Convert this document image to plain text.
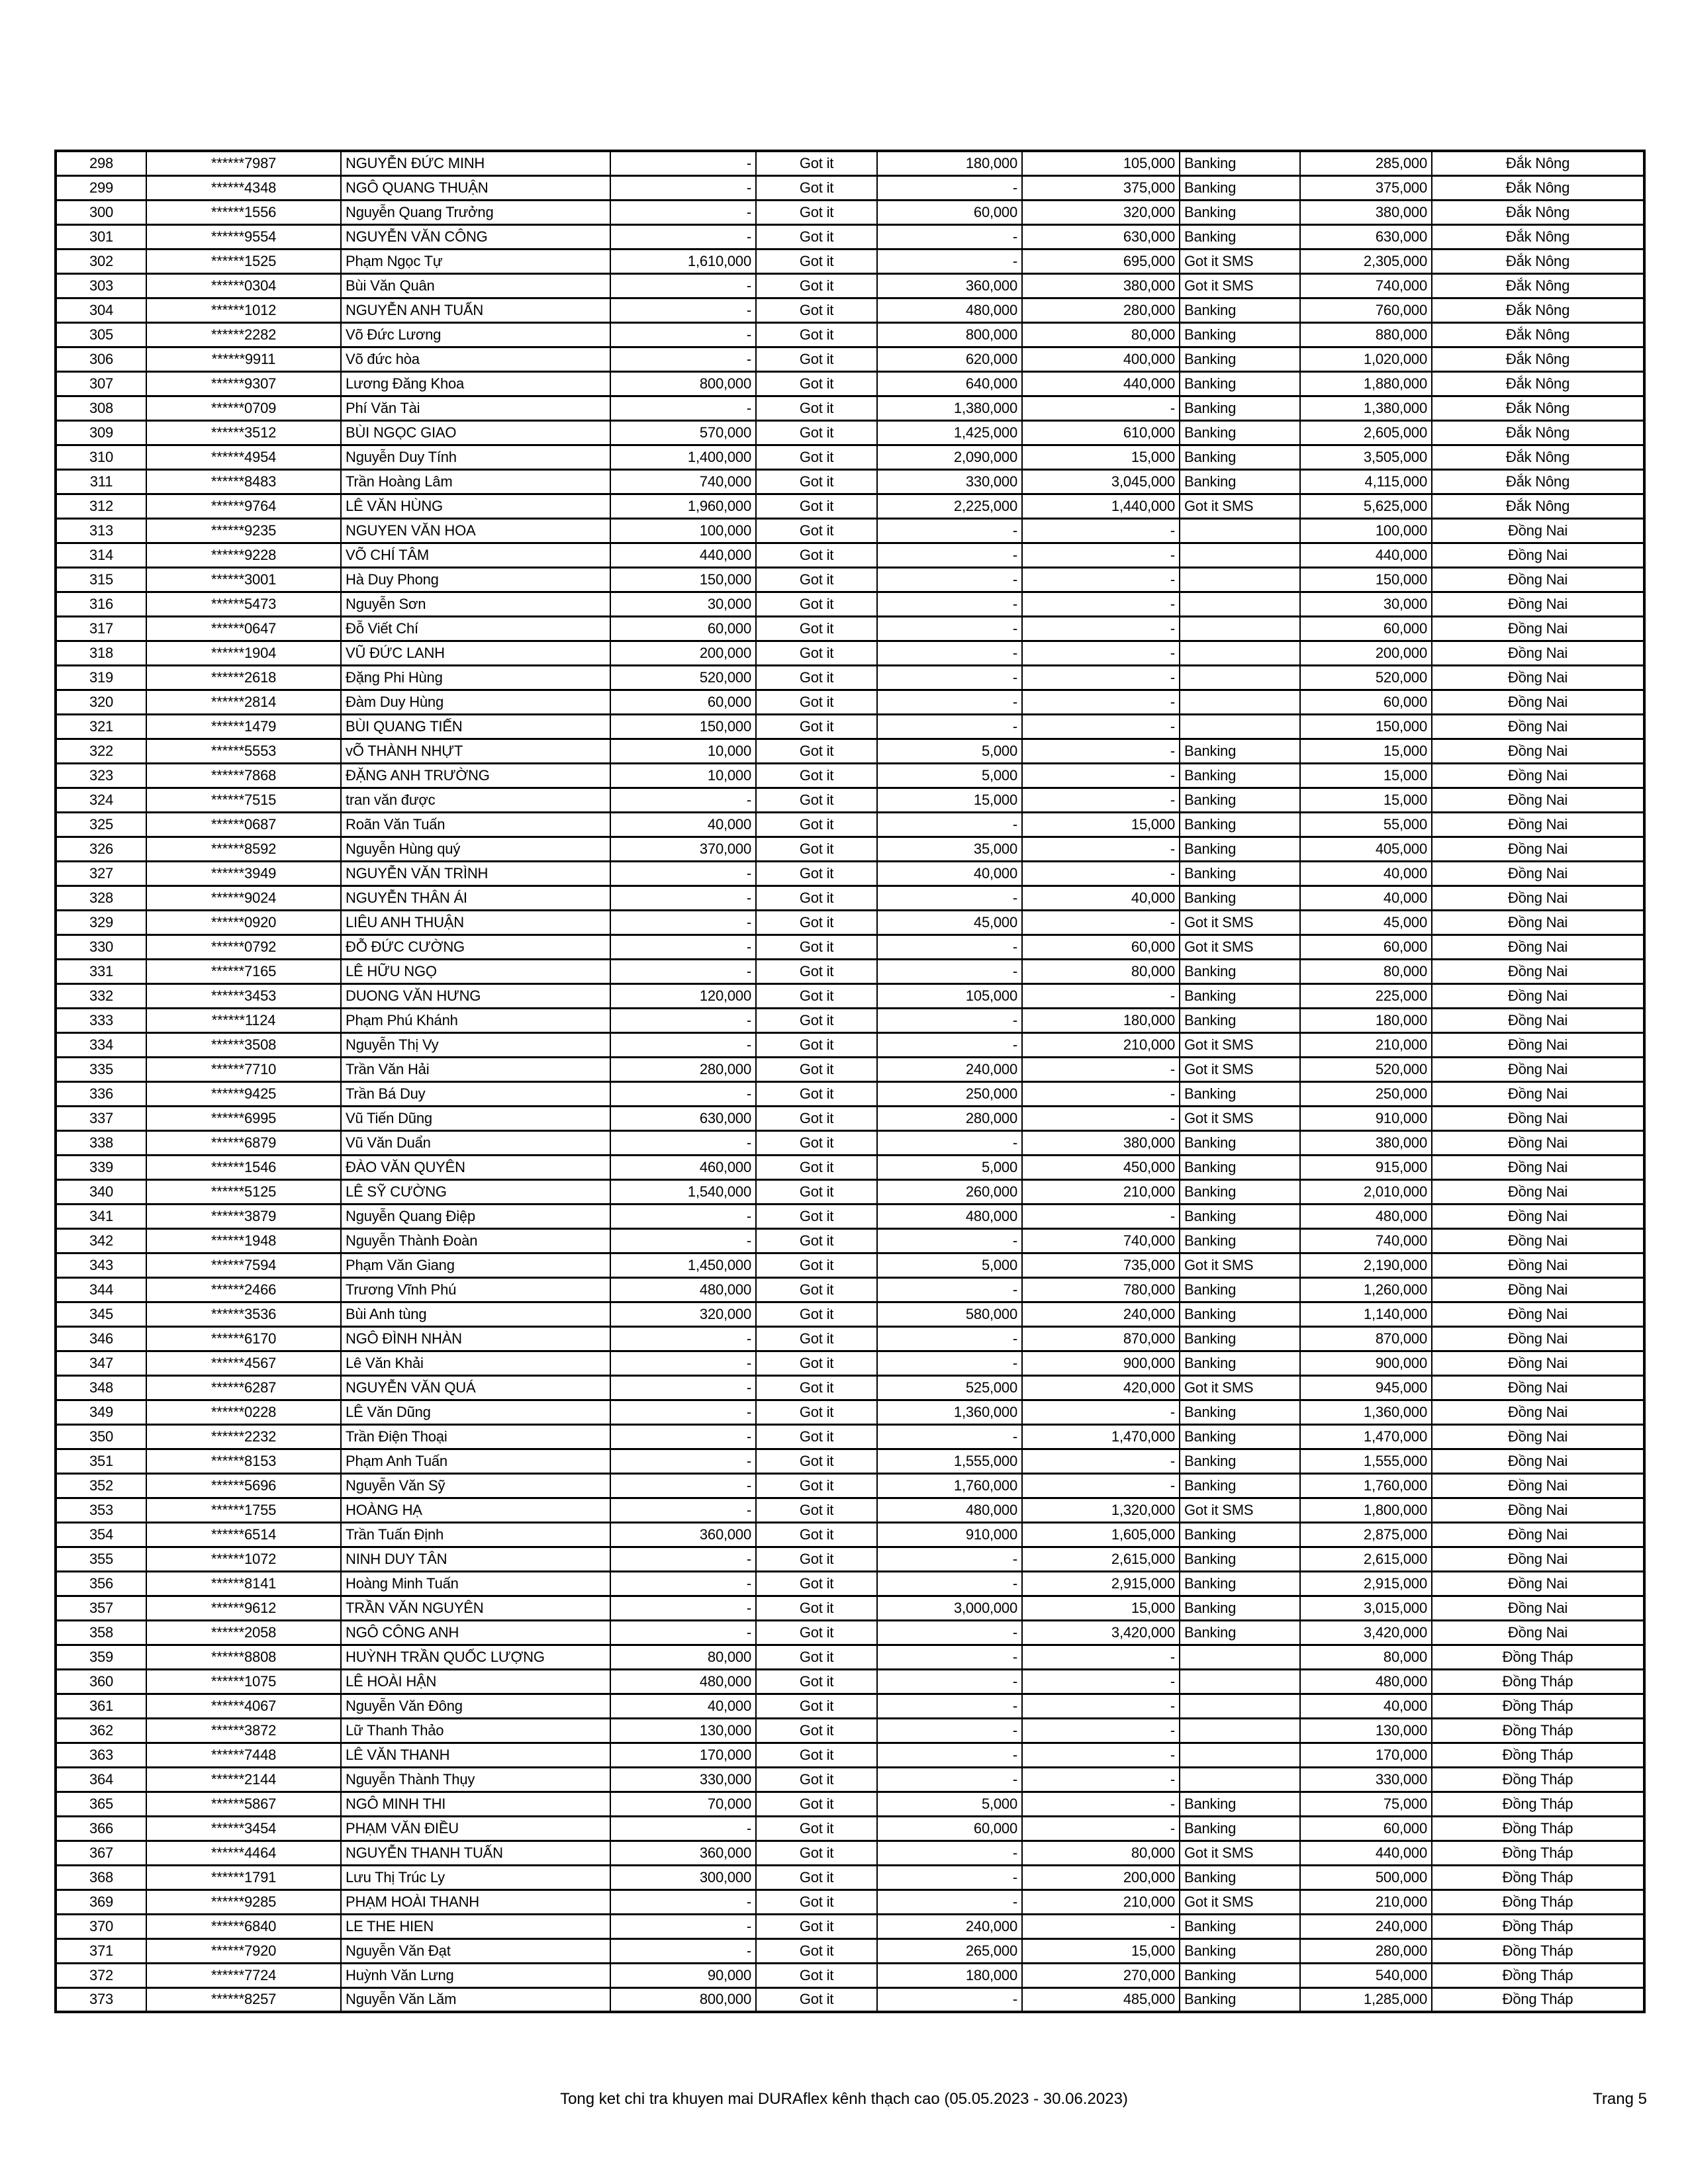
298	******7987	NGUYỄN ĐỨC MINH	-	Got it	180,000	105,000	Banking	285,000	Đắk Nông
299	******4348	NGÔ QUANG THUẬN	-	Got it	-	375,000	Banking	375,000	Đắk Nông
300	******1556	Nguyễn Quang Trưởng	-	Got it	60,000	320,000	Banking	380,000	Đắk Nông
301	******9554	NGUYỄN VĂN CÔNG	-	Got it	-	630,000	Banking	630,000	Đắk Nông
302	******1525	Phạm Ngọc Tự	1,610,000	Got it	-	695,000	Got it SMS	2,305,000	Đắk Nông
303	******0304	Bùi Văn Quân	-	Got it	360,000	380,000	Got it SMS	740,000	Đắk Nông
304	******1012	NGUYỄN ANH TUẤN	-	Got it	480,000	280,000	Banking	760,000	Đắk Nông
305	******2282	Võ Đức Lương	-	Got it	800,000	80,000	Banking	880,000	Đắk Nông
306	******9911	Võ đức hòa	-	Got it	620,000	400,000	Banking	1,020,000	Đắk Nông
307	******9307	Lương Đăng Khoa	800,000	Got it	640,000	440,000	Banking	1,880,000	Đắk Nông
308	******0709	Phí Văn Tài	-	Got it	1,380,000	-	Banking	1,380,000	Đắk Nông
309	******3512	BÙI NGỌC GIAO	570,000	Got it	1,425,000	610,000	Banking	2,605,000	Đắk Nông
310	******4954	Nguyễn Duy Tính	1,400,000	Got it	2,090,000	15,000	Banking	3,505,000	Đắk Nông
311	******8483	Trần Hoàng Lâm	740,000	Got it	330,000	3,045,000	Banking	4,115,000	Đắk Nông
312	******9764	LÊ VĂN HÙNG	1,960,000	Got it	2,225,000	1,440,000	Got it SMS	5,625,000	Đắk Nông
313	******9235	NGUYEN VĂN HOA	100,000	Got it	-	-		100,000	Đồng Nai
314	******9228	VÕ CHÍ TÂM	440,000	Got it	-	-		440,000	Đồng Nai
315	******3001	Hà Duy Phong	150,000	Got it	-	-		150,000	Đồng Nai
316	******5473	Nguyễn Sơn	30,000	Got it	-	-		30,000	Đồng Nai
317	******0647	Đỗ Viết Chí	60,000	Got it	-	-		60,000	Đồng Nai
318	******1904	VŨ ĐỨC LANH	200,000	Got it	-	-		200,000	Đồng Nai
319	******2618	Đặng Phi Hùng	520,000	Got it	-	-		520,000	Đồng Nai
320	******2814	Đàm Duy Hùng	60,000	Got it	-	-		60,000	Đồng Nai
321	******1479	BÙI QUANG TIẾN	150,000	Got it	-	-		150,000	Đồng Nai
322	******5553	vÕ THÀNH NHỰT	10,000	Got it	5,000	-	Banking	15,000	Đồng Nai
323	******7868	ĐẶNG ANH TRƯỜNG	10,000	Got it	5,000	-	Banking	15,000	Đồng Nai
324	******7515	tran văn được	-	Got it	15,000	-	Banking	15,000	Đồng Nai
325	******0687	Roãn Văn Tuấn	40,000	Got it	-	15,000	Banking	55,000	Đồng Nai
326	******8592	Nguyễn Hùng quý	370,000	Got it	35,000	-	Banking	405,000	Đồng Nai
327	******3949	NGUYỄN VĂN TRÌNH	-	Got it	40,000	-	Banking	40,000	Đồng Nai
328	******9024	NGUYỄN THÂN ÁI	-	Got it	-	40,000	Banking	40,000	Đồng Nai
329	******0920	LIÊU ANH THUẬN	-	Got it	45,000	-	Got it SMS	45,000	Đồng Nai
330	******0792	ĐỖ ĐỨC CƯỜNG	-	Got it	-	60,000	Got it SMS	60,000	Đồng Nai
331	******7165	LÊ HỮU NGỌ	-	Got it	-	80,000	Banking	80,000	Đồng Nai
332	******3453	DUONG VĂN HƯNG	120,000	Got it	105,000	-	Banking	225,000	Đồng Nai
333	******1124	Phạm Phú Khánh	-	Got it	-	180,000	Banking	180,000	Đồng Nai
334	******3508	Nguyễn Thị Vy	-	Got it	-	210,000	Got it SMS	210,000	Đồng Nai
335	******7710	Trần Văn Hải	280,000	Got it	240,000	-	Got it SMS	520,000	Đồng Nai
336	******9425	Trần Bá Duy	-	Got it	250,000	-	Banking	250,000	Đồng Nai
337	******6995	Vũ Tiến Dũng	630,000	Got it	280,000	-	Got it SMS	910,000	Đồng Nai
338	******6879	Vũ Văn Duẩn	-	Got it	-	380,000	Banking	380,000	Đồng Nai
339	******1546	ĐÀO VĂN QUYÊN	460,000	Got it	5,000	450,000	Banking	915,000	Đồng Nai
340	******5125	LÊ SỸ CƯỜNG	1,540,000	Got it	260,000	210,000	Banking	2,010,000	Đồng Nai
341	******3879	Nguyễn Quang Điệp	-	Got it	480,000	-	Banking	480,000	Đồng Nai
342	******1948	Nguyễn Thành Đoàn	-	Got it	-	740,000	Banking	740,000	Đồng Nai
343	******7594	Phạm Văn Giang	1,450,000	Got it	5,000	735,000	Got it SMS	2,190,000	Đồng Nai
344	******2466	Trương Vĩnh Phú	480,000	Got it	-	780,000	Banking	1,260,000	Đồng Nai
345	******3536	Bùi Anh tùng	320,000	Got it	580,000	240,000	Banking	1,140,000	Đồng Nai
346	******6170	NGÔ ĐÌNH NHÀN	-	Got it	-	870,000	Banking	870,000	Đồng Nai
347	******4567	Lê Văn Khải	-	Got it	-	900,000	Banking	900,000	Đồng Nai
348	******6287	NGUYỄN VĂN QUÁ	-	Got it	525,000	420,000	Got it SMS	945,000	Đồng Nai
349	******0228	LÊ Văn Dũng	-	Got it	1,360,000	-	Banking	1,360,000	Đồng Nai
350	******2232	Trần Điện Thoại	-	Got it	-	1,470,000	Banking	1,470,000	Đồng Nai
351	******8153	Phạm Anh Tuấn	-	Got it	1,555,000	-	Banking	1,555,000	Đồng Nai
352	******5696	Nguyễn Văn Sỹ	-	Got it	1,760,000	-	Banking	1,760,000	Đồng Nai
353	******1755	HOÀNG HẠ	-	Got it	480,000	1,320,000	Got it SMS	1,800,000	Đồng Nai
354	******6514	Trần Tuấn Định	360,000	Got it	910,000	1,605,000	Banking	2,875,000	Đồng Nai
355	******1072	NINH DUY TÂN	-	Got it	-	2,615,000	Banking	2,615,000	Đồng Nai
356	******8141	Hoàng Minh Tuấn	-	Got it	-	2,915,000	Banking	2,915,000	Đồng Nai
357	******9612	TRẦN VĂN NGUYÊN	-	Got it	3,000,000	15,000	Banking	3,015,000	Đồng Nai
358	******2058	NGÔ CÔNG ANH	-	Got it	-	3,420,000	Banking	3,420,000	Đồng Nai
359	******8808	HUỲNH TRẦN QUỐC LƯỢNG	80,000	Got it	-	-		80,000	Đồng Tháp
360	******1075	LÊ HOÀI HẬN	480,000	Got it	-	-		480,000	Đồng Tháp
361	******4067	Nguyễn Văn Đông	40,000	Got it	-	-		40,000	Đồng Tháp
362	******3872	Lữ Thanh Thảo	130,000	Got it	-	-		130,000	Đồng Tháp
363	******7448	LÊ VĂN THANH	170,000	Got it	-	-		170,000	Đồng Tháp
364	******2144	Nguyễn Thành Thụy	330,000	Got it	-	-		330,000	Đồng Tháp
365	******5867	NGÔ MINH THI	70,000	Got it	5,000	-	Banking	75,000	Đồng Tháp
366	******3454	PHẠM VĂN ĐIỀU	-	Got it	60,000	-	Banking	60,000	Đồng Tháp
367	******4464	NGUYỄN THANH TUẤN	360,000	Got it	-	80,000	Got it SMS	440,000	Đồng Tháp
368	******1791	Lưu Thị Trúc Ly	300,000	Got it	-	200,000	Banking	500,000	Đồng Tháp
369	******9285	PHẠM HOÀI THANH	-	Got it	-	210,000	Got it SMS	210,000	Đồng Tháp
370	******6840	LE THE HIEN	-	Got it	240,000	-	Banking	240,000	Đồng Tháp
371	******7920	Nguyễn Văn Đạt	-	Got it	265,000	15,000	Banking	280,000	Đồng Tháp
372	******7724	Huỳnh Văn Lưng	90,000	Got it	180,000	270,000	Banking	540,000	Đồng Tháp
373	******8257	Nguyễn Văn Lăm	800,000	Got it	-	485,000	Banking	1,285,000	Đồng Tháp
Tong ket chi tra khuyen mai DURAflex kênh thạch cao (05.05.2023 - 30.06.2023)	Trang 5
